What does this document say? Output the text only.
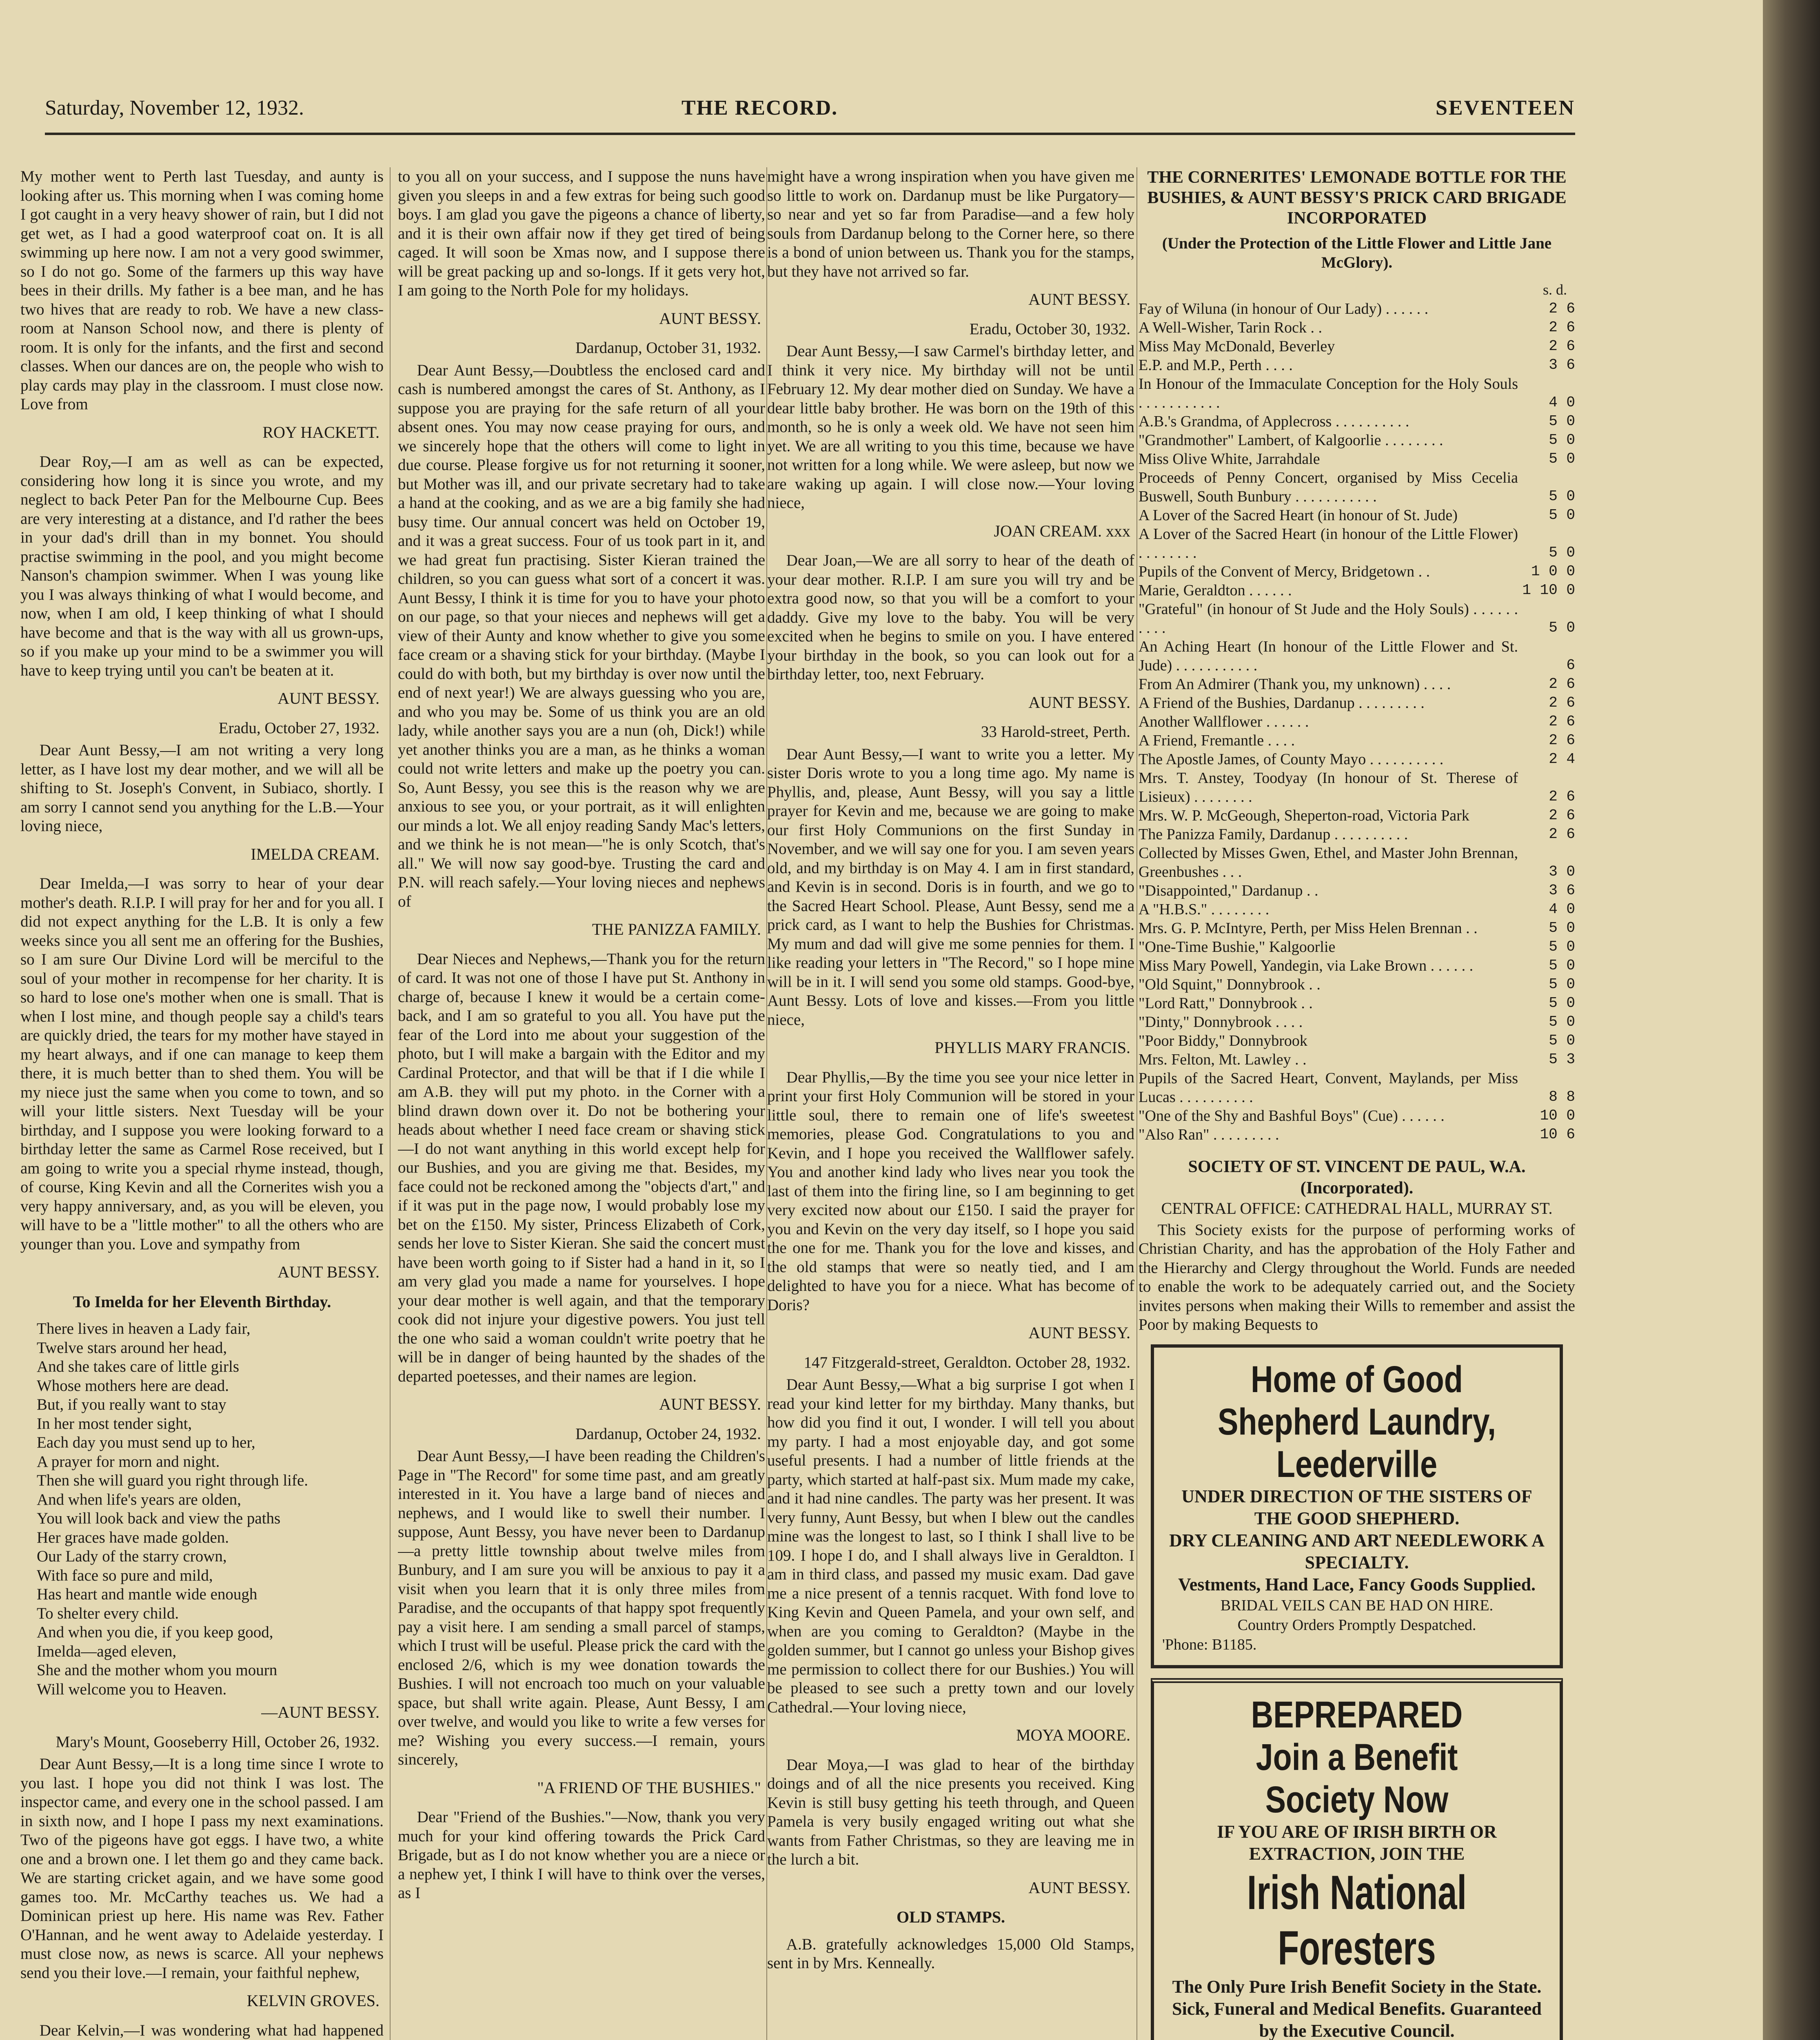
Saturday, November 12, 1932.	THE RECORD.	SEVENTEEN

My mother went to Perth last Tuesday, and aunty is looking after us. This morning when I was coming home I got caught in a very heavy shower of rain, but I did not get wet, as I had a good waterproof coat on. It is all swimming up here now. I am not a very good swimmer, so I do not go. Some of the farmers up this way have bees in their drills. My father is a bee man, and he has two hives that are ready to rob. We have a new class-room at Nanson School now, and there is plenty of room. It is only for the infants, and the first and second classes. When our dances are on, the people who wish to play cards may play in the classroom. I must close now. Love from

ROY HACKETT.

Dear Roy,—I am as well as can be expected, considering how long it is since you wrote, and my neglect to back Peter Pan for the Melbourne Cup. Bees are very interesting at a distance, and I'd rather the bees in your dad's drill than in my bonnet. You should practise swimming in the pool, and you might become Nanson's champion swimmer. When I was young like you I was always thinking of what I would become, and now, when I am old, I keep thinking of what I should have become and that is the way with all us grown-ups, so if you make up your mind to be a swimmer you will have to keep trying until you can't be beaten at it.

AUNT BESSY.
Eradu, October 27, 1932.

Dear Aunt Bessy,—I am not writing a very long letter, as I have lost my dear mother, and we will all be shifting to St. Joseph's Convent, in Subiaco, shortly. I am sorry I cannot send you anything for the L.B.—Your loving niece,

IMELDA CREAM.

Dear Imelda,—I was sorry to hear of your dear mother's death. R.I.P. I will pray for her and for you all. I did not expect anything for the L.B. It is only a few weeks since you all sent me an offering for the Bushies, so I am sure Our Divine Lord will be merciful to the soul of your mother in recompense for her charity. It is so hard to lose one's mother when one is small. That is when I lost mine, and though people say a child's tears are quickly dried, the tears for my mother have stayed in my heart always, and if one can manage to keep them there, it is much better than to shed them. You will be my niece just the same when you come to town, and so will your little sisters. Next Tuesday will be your birthday, and I suppose you were looking forward to a birthday letter the same as Carmel Rose received, but I am going to write you a special rhyme instead, though, of course, King Kevin and all the Cornerites wish you a very happy anniversary, and, as you will be eleven, you will have to be a "little mother" to all the others who are younger than you. Love and sympathy from

AUNT BESSY.
To Imelda for her Eleventh Birthday.
There lives in heaven a Lady fair,
Twelve stars around her head,
And she takes care of little girls
Whose mothers here are dead.
But, if you really want to stay
In her most tender sight,
Each day you must send up to her,
A prayer for morn and night.
Then she will guard you right through life.
And when life's years are olden,
You will look back and view the paths
Her graces have made golden.
Our Lady of the starry crown,
With face so pure and mild,
Has heart and mantle wide enough
To shelter every child.
And when you die, if you keep good,
Imelda—aged eleven,
She and the mother whom you mourn
Will welcome you to Heaven.
—AUNT BESSY.
Mary's Mount, Gooseberry Hill, October 26, 1932.

Dear Aunt Bessy,—It is a long time since I wrote to you last. I hope you did not think I was lost. The inspector came, and every one in the school passed. I am in sixth now, and I hope I pass my next examinations. Two of the pigeons have got eggs. I have two, a white one and a brown one. I let them go and they came back. We are starting cricket again, and we have some good games too. Mr. McCarthy teaches us. We had a Dominican priest up here. His name was Rev. Father O'Hannan, and he went away to Adelaide yesterday. I must close now, as news is scarce. All your nephews send you their love.—I remain, your faithful nephew,

KELVIN GROVES.

Dear Kelvin,—I was wondering what had happened

to you all on your success, and I suppose the nuns have given you sleeps in and a few extras for being such good boys. I am glad you gave the pigeons a chance of liberty, and it is their own affair now if they get tired of being caged. It will soon be Xmas now, and I suppose there will be great packing up and so-longs. If it gets very hot, I am going to the North Pole for my holidays.

AUNT BESSY.
Dardanup, October 31, 1932.

Dear Aunt Bessy,—Doubtless the enclosed card and cash is numbered amongst the cares of St. Anthony, as I suppose you are praying for the safe return of all your absent ones. You may now cease praying for ours, and we sincerely hope that the others will come to light in due course. Please forgive us for not returning it sooner, but Mother was ill, and our private secretary had to take a hand at the cooking, and as we are a big family she had busy time. Our annual concert was held on October 19, and it was a great success. Four of us took part in it, and we had great fun practising. Sister Kieran trained the children, so you can guess what sort of a concert it was. Aunt Bessy, I think it is time for you to have your photo on our page, so that your nieces and nephews will get a view of their Aunty and know whether to give you some face cream or a shaving stick for your birthday. (Maybe I could do with both, but my birthday is over now until the end of next year!) We are always guessing who you are, and who you may be. Some of us think you are an old lady, while another says you are a nun (oh, Dick!) while yet another thinks you are a man, as he thinks a woman could not write letters and make up the poetry you can. So, Aunt Bessy, you see this is the reason why we are anxious to see you, or your portrait, as it will enlighten our minds a lot. We all enjoy reading Sandy Mac's letters, and we think he is not mean—"he is only Scotch, that's all." We will now say good-bye. Trusting the card and P.N. will reach safely.—Your loving nieces and nephews of

THE PANIZZA FAMILY.

Dear Nieces and Nephews,—Thank you for the return of card. It was not one of those I have put St. Anthony in charge of, because I knew it would be a certain come-back, and I am so grateful to you all. You have put the fear of the Lord into me about your suggestion of the photo, but I will make a bargain with the Editor and my Cardinal Protector, and that will be that if I die while I am A.B. they will put my photo. in the Corner with a blind drawn down over it. Do not be bothering your heads about whether I need face cream or shaving stick—I do not want anything in this world except help for our Bushies, and you are giving me that. Besides, my face could not be reckoned among the "objects d'art," and if it was put in the page now, I would probably lose my bet on the £150. My sister, Princess Elizabeth of Cork, sends her love to Sister Kieran. She said the concert must have been worth going to if Sister had a hand in it, so I am very glad you made a name for yourselves. I hope your dear mother is well again, and that the temporary cook did not injure your digestive powers. You just tell the one who said a woman couldn't write poetry that he will be in danger of being haunted by the shades of the departed poetesses, and their names are legion.

AUNT BESSY.
Dardanup, October 24, 1932.

Dear Aunt Bessy,—I have been reading the Children's Page in "The Record" for some time past, and am greatly interested in it. You have a large band of nieces and nephews, and I would like to swell their number. I suppose, Aunt Bessy, you have never been to Dardanup—a pretty little township about twelve miles from Bunbury, and I am sure you will be anxious to pay it a visit when you learn that it is only three miles from Paradise, and the occupants of that happy spot frequently pay a visit here. I am sending a small parcel of stamps, which I trust will be useful. Please prick the card with the enclosed 2/6, which is my wee donation towards the Bushies. I will not encroach too much on your valuable space, but shall write again. Please, Aunt Bessy, I am over twelve, and would you like to write a few verses for me? Wishing you every success.—I remain, yours sincerely,

"A FRIEND OF THE BUSHIES."

Dear "Friend of the Bushies."—Now, thank you very much for your kind offering towards the Prick Card Brigade, but as I do not know whether you are a niece or a nephew yet, I think I will have to think over the verses, as I

might have a wrong inspiration when you have given me so little to work on. Dardanup must be like Purgatory—so near and yet so far from Paradise—and a few holy souls from Dardanup belong to the Corner here, so there is a bond of union between us. Thank you for the stamps, but they have not arrived so far.

AUNT BESSY.
Eradu, October 30, 1932.

Dear Aunt Bessy,—I saw Carmel's birthday letter, and I think it very nice. My birthday will not be until February 12. My dear mother died on Sunday. We have a dear little baby brother. He was born on the 19th of this month, so he is only a week old. We have not seen him yet. We are all writing to you this time, because we have not written for a long while. We were asleep, but now we are waking up again. I will close now.—Your loving niece,

JOAN CREAM. xxx

Dear Joan,—We are all sorry to hear of the death of your dear mother. R.I.P. I am sure you will try and be extra good now, so that you will be a comfort to your daddy. Give my love to the baby. You will be very excited when he begins to smile on you. I have entered your birthday in the book, so you can look out for a birthday letter, too, next February.

AUNT BESSY.
33 Harold-street, Perth.

Dear Aunt Bessy,—I want to write you a letter. My sister Doris wrote to you a long time ago. My name is Phyllis, and, please, Aunt Bessy, will you say a little prayer for Kevin and me, because we are going to make our first Holy Communions on the first Sunday in November, and we will say one for you. I am seven years old, and my birthday is on May 4. I am in first standard, and Kevin is in second. Doris is in fourth, and we go to the Sacred Heart School. Please, Aunt Bessy, send me a prick card, as I want to help the Bushies for Christmas. My mum and dad will give me some pennies for them. I like reading your letters in "The Record," so I hope mine will be in it. I will send you some old stamps. Good-bye, Aunt Bessy. Lots of love and kisses.—From you little niece,

PHYLLIS MARY FRANCIS.

Dear Phyllis,—By the time you see your nice letter in print your first Holy Communion will be stored in your little soul, there to remain one of life's sweetest memories, please God. Congratulations to you and Kevin, and I hope you received the Wallflower safely. You and another kind lady who lives near you took the last of them into the firing line, so I am beginning to get very excited now about our £150. I said the prayer for you and Kevin on the very day itself, so I hope you said the one for me. Thank you for the love and kisses, and the old stamps that were so neatly tied, and I am delighted to have you for a niece. What has become of Doris?

AUNT BESSY.
147 Fitzgerald-street, Geraldton. October 28, 1932.

Dear Aunt Bessy,—What a big surprise I got when I read your kind letter for my birthday. Many thanks, but how did you find it out, I wonder. I will tell you about my party. I had a most enjoyable day, and got some useful presents. I had a number of little friends at the party, which started at half-past six. Mum made my cake, and it had nine candles. The party was her present. It was very funny, Aunt Bessy, but when I blew out the candles mine was the longest to last, so I think I shall live to be 109. I hope I do, and I shall always live in Geraldton. I am in third class, and passed my music exam. Dad gave me a nice present of a tennis racquet. With fond love to King Kevin and Queen Pamela, and your own self, and when are you coming to Geraldton? (Maybe in the golden summer, but I cannot go unless your Bishop gives me permission to collect there for our Bushies.) You will be pleased to see such a pretty town and our lovely Cathedral.—Your loving niece,

MOYA MOORE.

Dear Moya,—I was glad to hear of the birthday doings and of all the nice presents you received. King Kevin is still busy getting his teeth through, and Queen Pamela is very busily engaged writing out what she wants from Father Christmas, so they are leaving me in the lurch a bit.

AUNT BESSY.
OLD STAMPS.

A.B. gratefully acknowledges 15,000 Old Stamps, sent in by Mrs. Kenneally.

THE CORNERITES' LEMONADE BOTTLE FOR THE BUSHIES, & AUNT BESSY'S PRICK CARD BRIGADE INCORPORATED
(Under the Protection of the Little Flower and Little Jane McGlory).
s. d.
Fay of Wiluna (in honour of Our Lady) . . . . . .	2 6
A Well-Wisher, Tarin Rock . .	2 6
Miss May McDonald, Beverley	2 6
E.P. and M.P., Perth . . . .	3 6
In Honour of the Immaculate Conception for the Holy Souls . . . . . . . . . . .	4 0
A.B.'s Grandma, of Applecross . . . . . . . . . .	5 0
"Grandmother" Lambert, of Kalgoorlie . . . . . . . .	5 0
Miss Olive White, Jarrahdale	5 0
Proceeds of Penny Concert, organised by Miss Cecelia Buswell, South Bunbury . . . . . . . . . . .	5 0
A Lover of the Sacred Heart (in honour of St. Jude)	5 0
A Lover of the Sacred Heart (in honour of the Little Flower) . . . . . . . .	5 0
Pupils of the Convent of Mercy, Bridgetown . .	1 0 0
Marie, Geraldton . . . . . .	1 10 0
"Grateful" (in honour of St Jude and the Holy Souls) . . . . . . . . . .	5 0
An Aching Heart (In honour of the Little Flower and St. Jude) . . . . . . . . . . .	6
From An Admirer (Thank you, my unknown) . . . .	2 6
A Friend of the Bushies, Dardanup . . . . . . . . .	2 6
Another Wallflower . . . . . .	2 6
A Friend, Fremantle . . . .	2 6
The Apostle James, of County Mayo . . . . . . . . . .	2 4
Mrs. T. Anstey, Toodyay (In honour of St. Therese of Lisieux) . . . . . . . .	2 6
Mrs. W. P. McGeough, Sheperton-road, Victoria Park	2 6
The Panizza Family, Dardanup . . . . . . . . . .	2 6
Collected by Misses Gwen, Ethel, and Master John Brennan, Greenbushes . . .	3 0
"Disappointed," Dardanup . .	3 6
A "H.B.S." . . . . . . . .	4 0
Mrs. G. P. McIntyre, Perth, per Miss Helen Brennan . .	5 0
"One-Time Bushie," Kalgoorlie	5 0
Miss Mary Powell, Yandegin, via Lake Brown . . . . . .	5 0
"Old Squint," Donnybrook . .	5 0
"Lord Ratt," Donnybrook . .	5 0
"Dinty," Donnybrook . . . .	5 0
"Poor Biddy," Donnybrook	5 0
Mrs. Felton, Mt. Lawley . .	5 3
Pupils of the Sacred Heart, Convent, Maylands, per Miss Lucas . . . . . . . . . .	8 8
"One of the Shy and Bashful Boys" (Cue) . . . . . .	10 0
"Also Ran" . . . . . . . . .	10 6
SOCIETY OF ST. VINCENT DE PAUL, W.A. (Incorporated).
CENTRAL OFFICE: CATHEDRAL HALL, MURRAY ST.

This Society exists for the purpose of performing works of Christian Charity, and has the approbation of the Holy Father and the Hierarchy and Clergy throughout the World. Funds are needed to enable the work to be adequately carried out, and the Society invites persons when making their Wills to remember and assist the Poor by making Bequests to

Home of Good Shepherd Laundry, Leederville
UNDER DIRECTION OF THE SISTERS OF THE GOOD SHEPHERD.
DRY CLEANING AND ART NEEDLEWORK A SPECIALTY.
Vestments, Hand Lace, Fancy Goods Supplied.
BRIDAL VEILS CAN BE HAD ON HIRE.
Country Orders Promptly Despatched.
'Phone: B1185.
BEPREPARED
Join a Benefit Society Now
IF YOU ARE OF IRISH BIRTH OR EXTRACTION, JOIN THE
Irish National Foresters
The Only Pure Irish Benefit Society in the State.
Sick, Funeral and Medical Benefits. Guaranteed by the Executive Council.
